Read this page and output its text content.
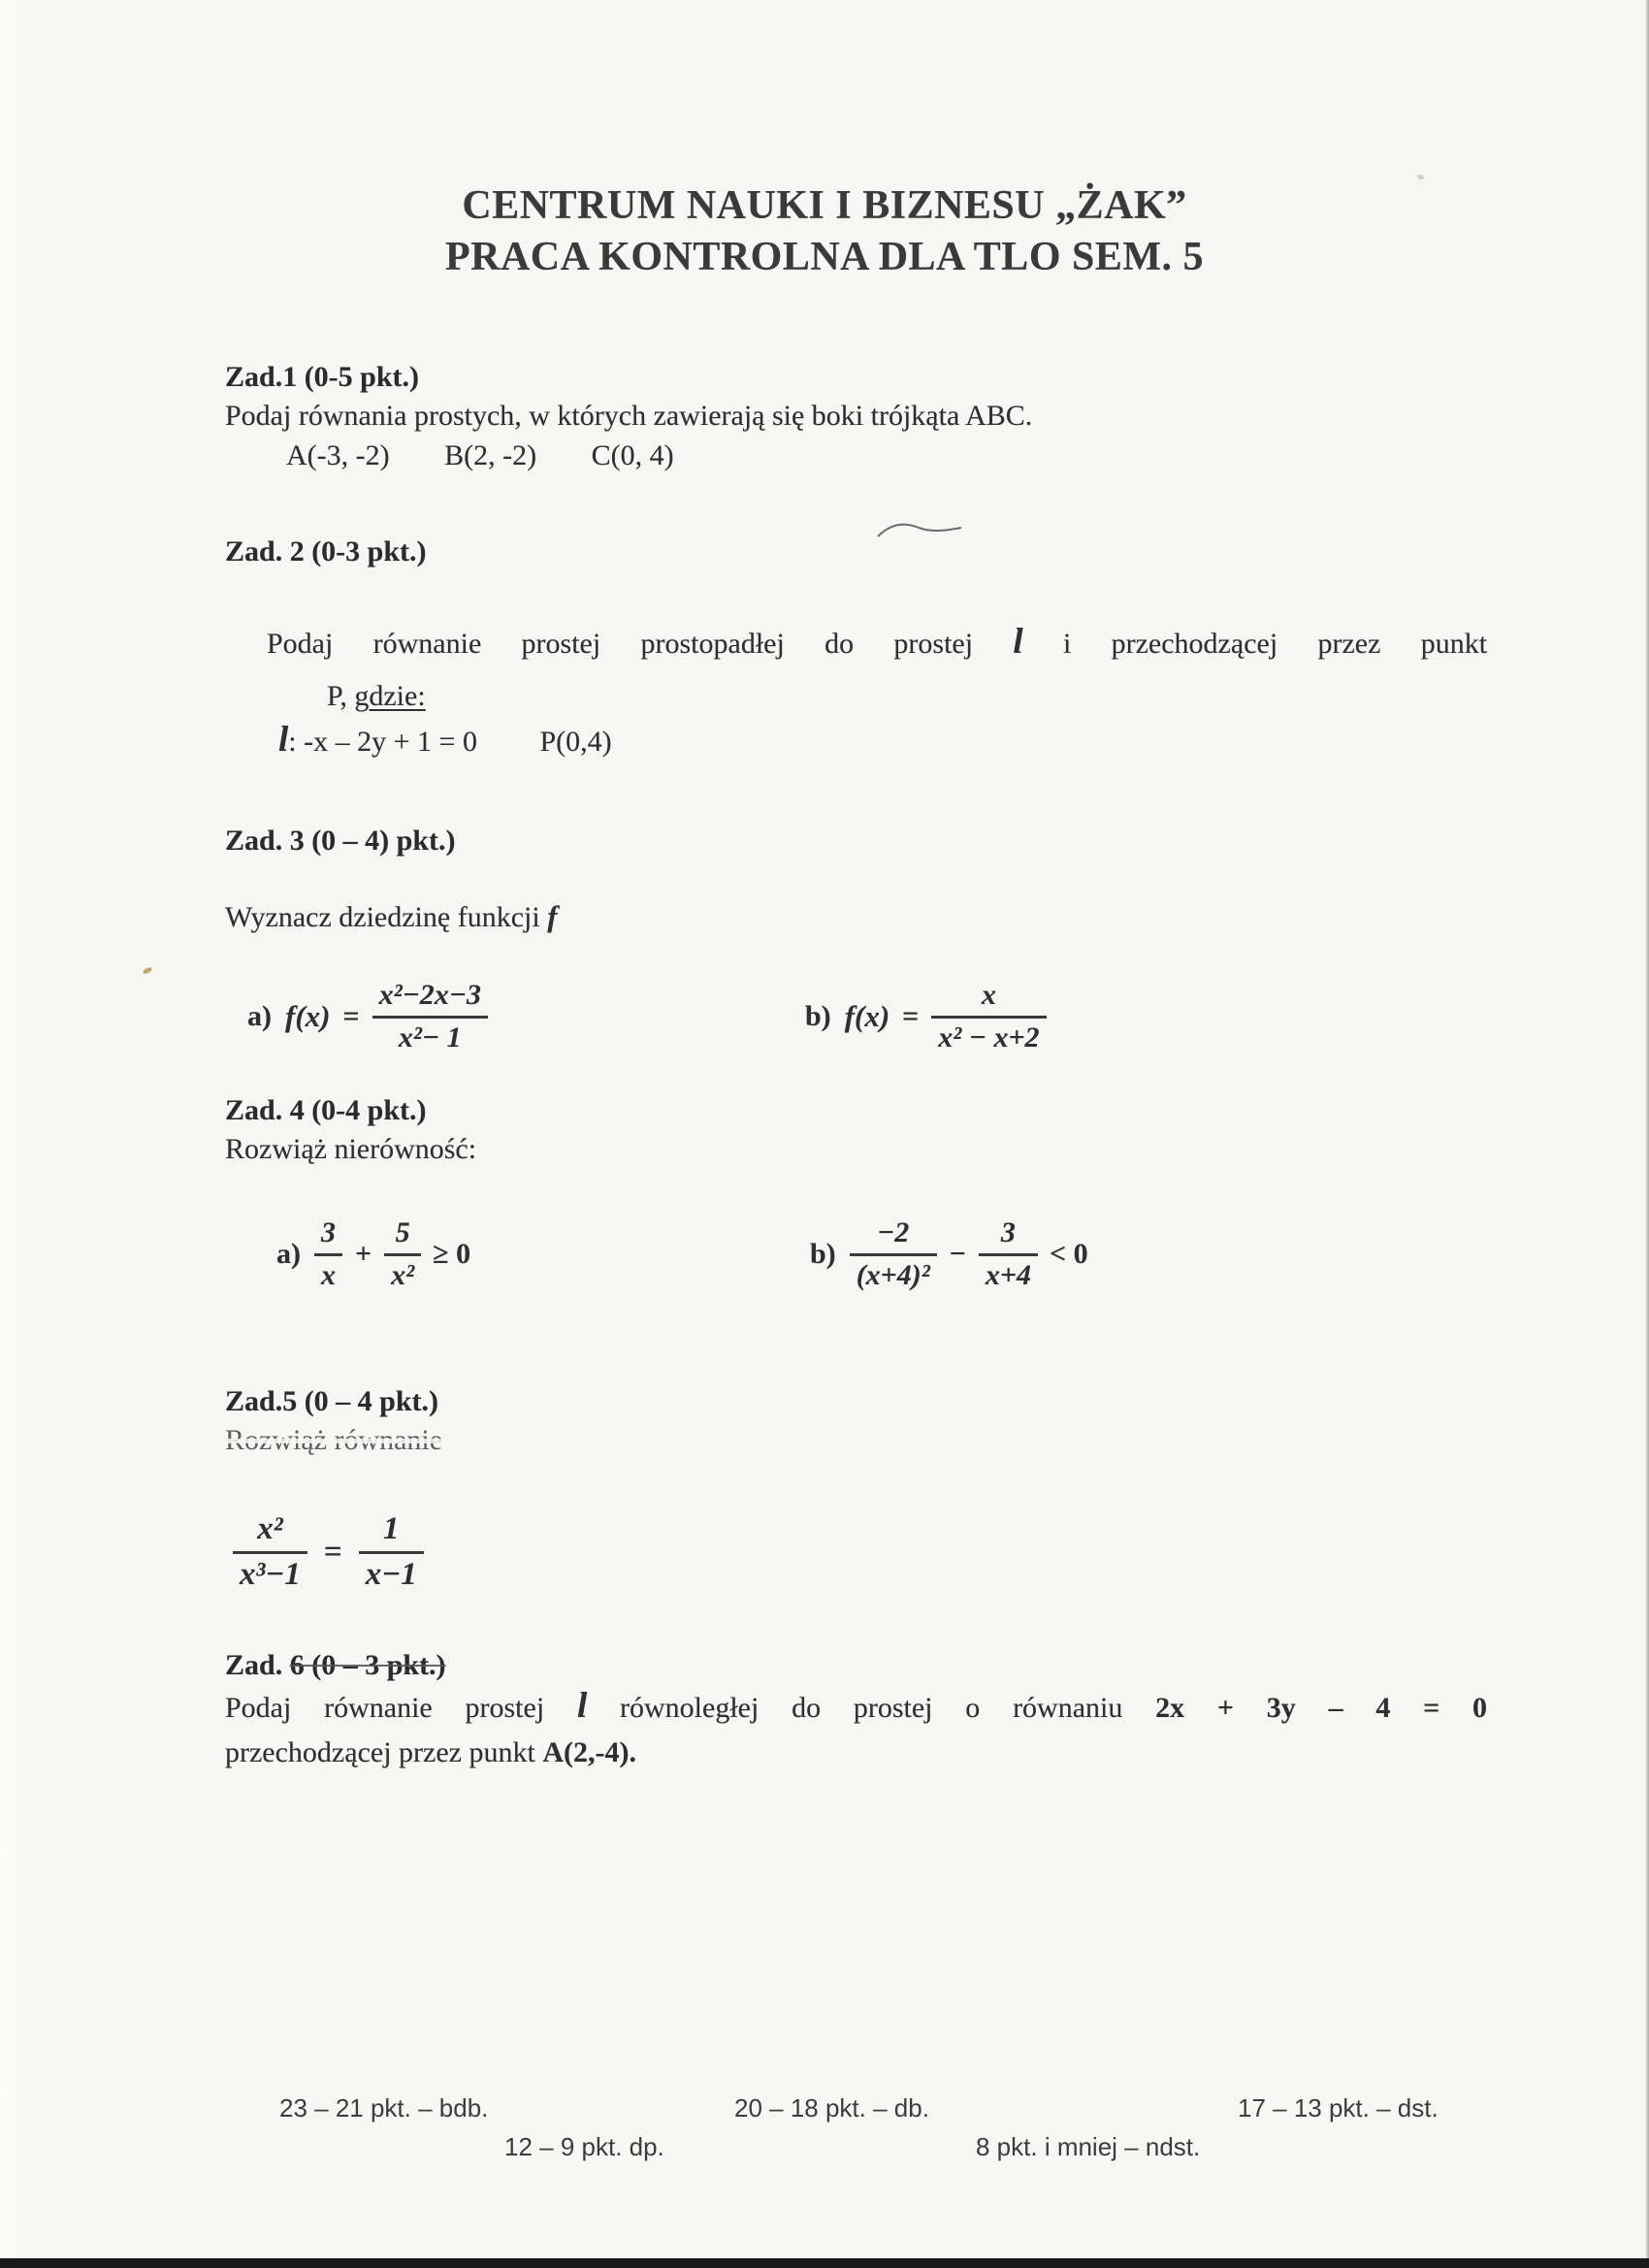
CENTRUM NAUKI I BIZNESU „ŻAK”
PRACA KONTROLNA DLA TLO SEM. 5
Zad.1 (0-5 pkt.)
Podaj równania prostych, w których zawierają się boki trójkąta ABC.
A(-3, -2) B(2, -2) C(0, 4)
Zad. 2 (0-3 pkt.)
Podaj równanie prostej prostopadłej do prostej l i przechodzącej przez punkt
P, gdzie:
l: -x – 2y + 1 = 0 P(0,4)
Zad. 3 (0 – 4) pkt.)
Wyznacz dziedzinę funkcji f
a) $f(x) = \frac{\text{x²−2x−3}}{\text{x²− 1}}$	b) $f(x) = \frac{x}{\text{x² − x+2}}$
Zad. 4 (0-4 pkt.)
Rozwiąż nierówność:
$a) \frac{3}{x} + \frac{5}{\text{x²}} \ge 0$	$b) \frac{-2}{\text{(x+4)²}} - \frac{3}{x+4} < 0$
Zad.5 (0 – 4 pkt.)
Rozwiąż równanie
$\frac{\text{x²}}{\text{x³−1}} = \frac{1}{x-1}$
Zad. 6 (0 – 3 pkt.)
Podaj równanie prostej l równoległej do prostej o równaniu 2x + 3y – 4 = 0
przechodzącej przez punkt A(2,-4).
23 – 21 pkt. – bdb.	20 – 18 pkt. – db.	17 – 13 pkt. – dst.
12 – 9 pkt. dp.	8 pkt. i mniej – ndst.
